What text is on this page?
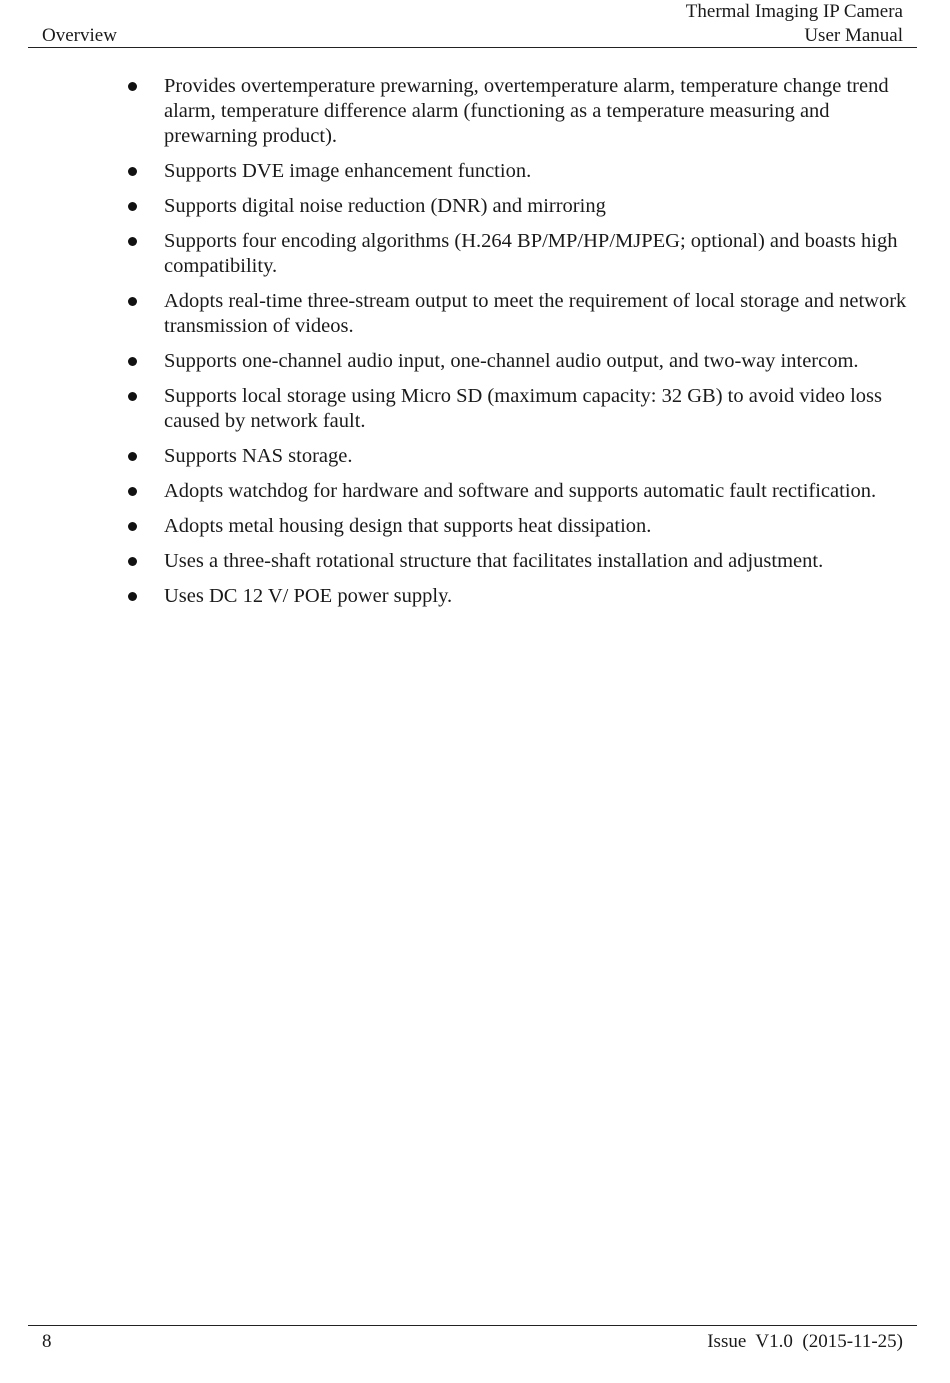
Overview
Thermal Imaging IP Camera
User Manual
Provides overtemperature prewarning, overtemperature alarm, temperature change trend alarm, temperature difference alarm (functioning as a temperature measuring and prewarning product).
Supports DVE image enhancement function.
Supports digital noise reduction (DNR) and mirroring
Supports four encoding algorithms (H.264 BP/MP/HP/MJPEG; optional) and boasts high compatibility.
Adopts real-time three-stream output to meet the requirement of local storage and network transmission of videos.
Supports one-channel audio input, one-channel audio output, and two-way intercom.
Supports local storage using Micro SD (maximum capacity: 32 GB) to avoid video loss caused by network fault.
Supports NAS storage.
Adopts watchdog for hardware and software and supports automatic fault rectification.
Adopts metal housing design that supports heat dissipation.
Uses a three-shaft rotational structure that facilitates installation and adjustment.
Uses DC 12 V/ POE power supply.
8	Issue  V1.0  (2015-11-25)
